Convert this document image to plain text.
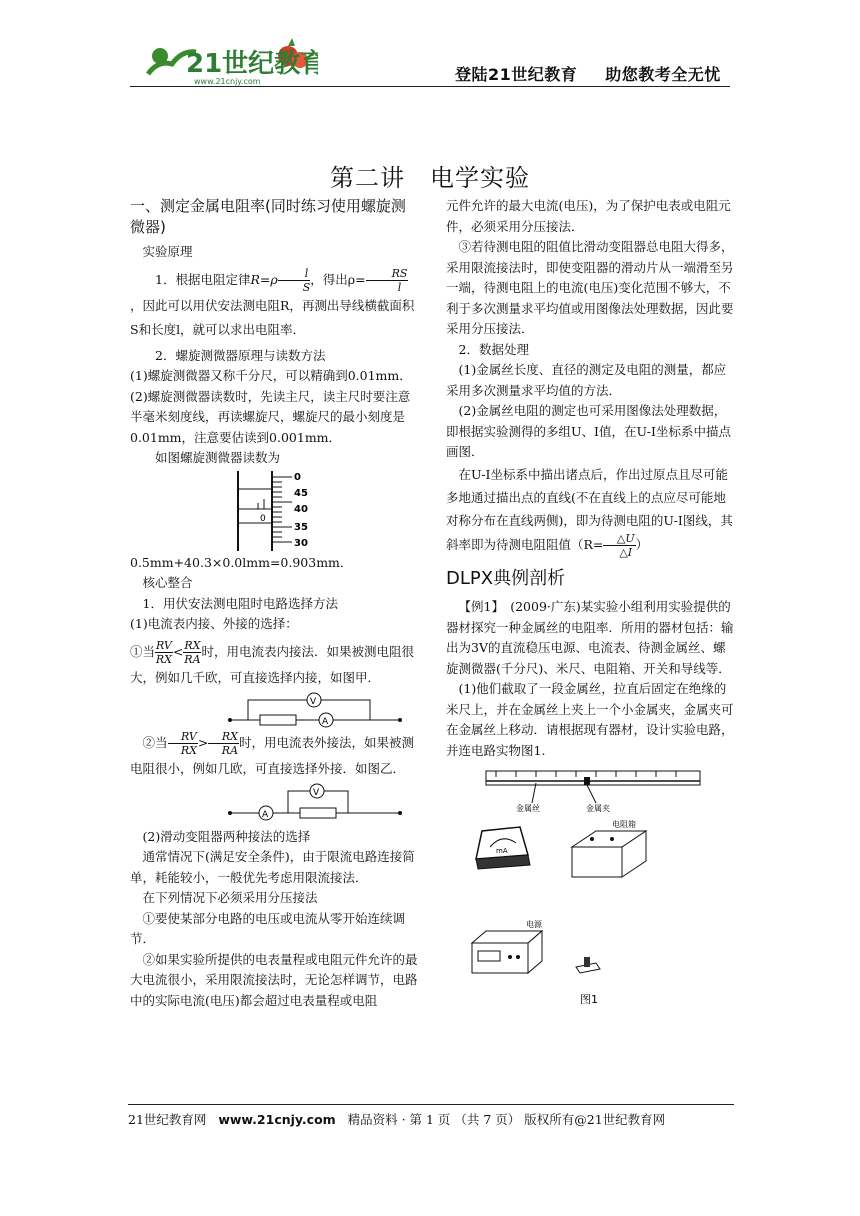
21世纪教育
www.21cnjy.com	登陆21世纪教育 助您教考全无忧
第二讲　电学实验

一、测定金属电阻率(同时练习使用螺旋测微器)

实验原理

1．根据电阻定律$R=\rho \frac{l}{S}$ ，得出$\rho= \frac{RS}{l}$
，因此可以用伏安法测电阻R，再测出导线横截面积S和长度l，就可以求出电阻率．

2．螺旋测微器原理与读数方法

(1)螺旋测微器又称千分尺，可以精确到0.01mm．

(2)螺旋测微器读数时，先读主尺，读主尺时要注意半毫米刻度线，再读螺旋尺，螺旋尺的最小刻度是0.01mm，注意要估读到0.001mm．

如图螺旋测微器读数为

0
0
45
40
35
30

0.5mm+40.3×0.0lmm=0.903mm．

核心整合

1．用伏安法测电阻时电路选择方法

(1)电流表内接、外接的选择：

①当 $\frac{RV}{RX} < \frac{RX}{RA}$ 时，用电流表内接法．如果被测电阻很大，例如几千欧，可直接选择内接，如图甲．

A
V

②当 $\frac{RV}{RX} > \frac{RX}{RA}$ 时，用电流表外接法，如果被测电阻很小，例如几欧，可直接选择外接．如图乙．

A
V

(2)滑动变阻器两种接法的选择

通常情况下(满足安全条件)，由于限流电路连接简单，耗能较小，一般优先考虑用限流接法．

在下列情况下必须采用分压接法

①要使某部分电路的电压或电流从零开始连续调节．

②如果实验所提供的电表量程或电阻元件允许的最大电流很小，采用限流接法时，无论怎样调节，电路中的实际电流(电压)都会超过电表量程或电阻

元件允许的最大电流(电压)，为了保护电表或电阻元件，必须采用分压接法．

③若待测电阻的阻值比滑动变阻器总电阻大得多，采用限流接法时，即使变阻器的滑动片从一端滑至另一端，待测电阻上的电流(电压)变化范围不够大，不利于多次测量求平均值或用图像法处理数据，因此要采用分压接法．

2．数据处理

(1)金属丝长度、直径的测定及电阻的测量，都应采用多次测量求平均值的方法．

(2)金属丝电阻的测定也可采用图像法处理数据，即根据实验测得的多组U、I值，在U-I坐标系中描点画图．

在U-I坐标系中描出诸点后，作出过原点且尽可能多地通过描出点的直线(不在直线上的点应尽可能地对称分布在直线两侧)，即为待测电阻的U-I图线，其斜率即为待测电阻阻值（$R= \frac{\triangle U}{\triangle I}$ ）

DLPX典例剖析

【例1】　(2009·广东)某实验小组利用实验提供的器材探究一种金属丝的电阻率．所用的器材包括：输出为3V的直流稳压电源、电流表、待测金属丝、螺旋测微器(千分尺)、米尺、电阻箱、开关和导线等．

(1)他们截取了一段金属丝，拉直后固定在绝缘的米尺上，并在金属丝上夹上一个小金属夹，金属夹可在金属丝上移动．请根据现有器材，设计实验电路，并连电路实物图1.

金属丝	金属夹
mA
电阻箱
电源
图1
21世纪教育网 www.21cnjy.com 精品资料 · 第 1 页 （共 7 页） 版权所有@21世纪教育网
